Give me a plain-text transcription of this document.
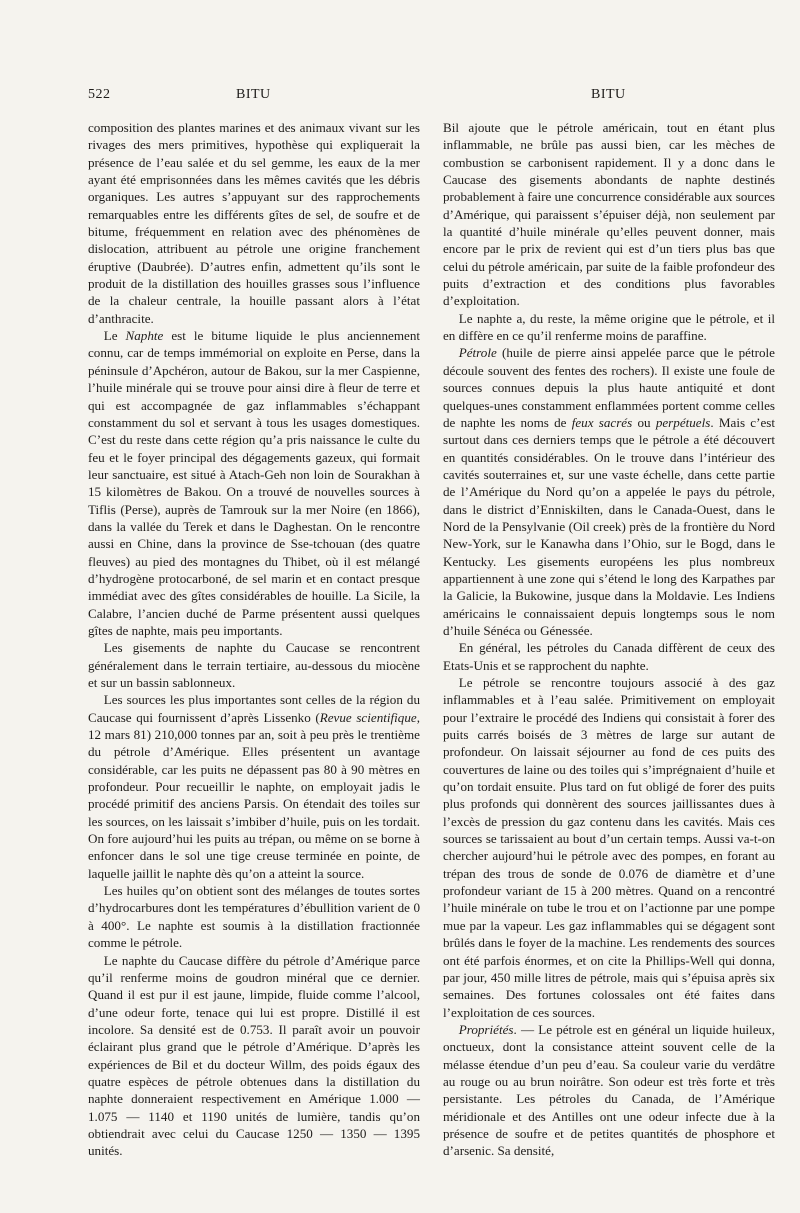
522	BITU	BITU

composition des plantes marines et des animaux vivant sur les rivages des mers primitives, hypothèse qui expliquerait la présence de l’eau salée et du sel gemme, les eaux de la mer ayant été emprisonnées dans les mêmes cavités que les débris organiques. Les autres s’appuyant sur des rapprochements remarquables entre les différents gîtes de sel, de soufre et de bitume, fréquemment en relation avec des phénomènes de dislocation, attribuent au pétrole une origine franchement éruptive (Daubrée). D’autres enfin, admettent qu’ils sont le produit de la distillation des houilles grasses sous l’influence de la chaleur centrale, la houille passant alors à l’état d’anthracite.

Le Naphte est le bitume liquide le plus anciennement connu, car de temps immémorial on exploite en Perse, dans la péninsule d’Apchéron, autour de Bakou, sur la mer Caspienne, l’huile minérale qui se trouve pour ainsi dire à fleur de terre et qui est accompagnée de gaz inflammables s’échappant constamment du sol et servant à tous les usages domestiques. C’est du reste dans cette région qu’a pris naissance le culte du feu et le foyer principal des dégagements gazeux, qui formait leur sanctuaire, est situé à Atach-Geh non loin de Sourakhan à 15 kilomètres de Bakou. On a trouvé de nouvelles sources à Tiflis (Perse), auprès de Tamrouk sur la mer Noire (en 1866), dans la vallée du Terek et dans le Daghestan. On le rencontre aussi en Chine, dans la province de Sse-tchouan (des quatre fleuves) au pied des montagnes du Thibet, où il est mélangé d’hydrogène protocarboné, de sel marin et en contact presque immédiat avec des gîtes considérables de houille. La Sicile, la Calabre, l’ancien duché de Parme présentent aussi quelques gîtes de naphte, mais peu importants.

Les gisements de naphte du Caucase se rencontrent généralement dans le terrain tertiaire, au-dessous du miocène et sur un bassin sablonneux.

Les sources les plus importantes sont celles de la région du Caucase qui fournissent d’après Lissenko (Revue scientifique, 12 mars 81) 210,000 tonnes par an, soit à peu près le trentième du pétrole d’Amérique. Elles présentent un avantage considérable, car les puits ne dépassent pas 80 à 90 mètres en profondeur. Pour recueillir le naphte, on employait jadis le procédé primitif des anciens Parsis. On étendait des toiles sur les sources, on les laissait s’imbiber d’huile, puis on les tordait. On fore aujourd’hui les puits au trépan, ou même on se borne à enfoncer dans le sol une tige creuse terminée en pointe, de laquelle jaillit le naphte dès qu’on a atteint la source.

Les huiles qu’on obtient sont des mélanges de toutes sortes d’hydrocarbures dont les températures d’ébullition varient de 0 à 400°. Le naphte est soumis à la distillation fractionnée comme le pétrole.

Le naphte du Caucase diffère du pétrole d’Amérique parce qu’il renferme moins de goudron minéral que ce dernier. Quand il est pur il est jaune, limpide, fluide comme l’alcool, d’une odeur forte, tenace qui lui est propre. Distillé il est incolore. Sa densité est de 0.753. Il paraît avoir un pouvoir éclairant plus grand que le pétrole d’Amérique. D’après les expériences de Bil et du docteur Willm, des poids égaux des quatre espèces de pétrole obtenues dans la distillation du naphte donneraient respectivement en Amérique 1.000 — 1.075 — 1140 et 1190 unités de lumière, tandis qu’on obtiendrait avec celui du Caucase 1250 — 1350 — 1395 unités.

Bil ajoute que le pétrole américain, tout en étant plus inflammable, ne brûle pas aussi bien, car les mèches de combustion se carbonisent rapidement. Il y a donc dans le Caucase des gisements abondants de naphte destinés probablement à faire une concurrence considérable aux sources d’Amérique, qui paraissent s’épuiser déjà, non seulement par la quantité d’huile minérale qu’elles peuvent donner, mais encore par le prix de revient qui est d’un tiers plus bas que celui du pétrole américain, par suite de la faible profondeur des puits d’extraction et des conditions plus favorables d’exploitation.

Le naphte a, du reste, la même origine que le pétrole, et il en diffère en ce qu’il renferme moins de paraffine.

Pétrole (huile de pierre ainsi appelée parce que le pétrole découle souvent des fentes des rochers). Il existe une foule de sources connues depuis la plus haute antiquité et dont quelques-unes constamment enflammées portent comme celles de naphte les noms de feux sacrés ou perpétuels. Mais c’est surtout dans ces derniers temps que le pétrole a été découvert en quantités considérables. On le trouve dans l’intérieur des cavités souterraines et, sur une vaste échelle, dans cette partie de l’Amérique du Nord qu’on a appelée le pays du pétrole, dans le district d’Enniskilten, dans le Canada-Ouest, dans le Nord de la Pensylvanie (Oil creek) près de la frontière du Nord New-York, sur le Kanawha dans l’Ohio, sur le Bogd, dans le Kentucky. Les gisements européens les plus nombreux appartiennent à une zone qui s’étend le long des Karpathes par la Galicie, la Bukowine, jusque dans la Moldavie. Les Indiens américains le connaissaient depuis longtemps sous le nom d’huile Sénéca ou Génessée.

En général, les pétroles du Canada diffèrent de ceux des Etats-Unis et se rapprochent du naphte.

Le pétrole se rencontre toujours associé à des gaz inflammables et à l’eau salée. Primitivement on employait pour l’extraire le procédé des Indiens qui consistait à forer des puits carrés boisés de 3 mètres de large sur autant de profondeur. On laissait séjourner au fond de ces puits des couvertures de laine ou des toiles qui s’imprégnaient d’huile et qu’on tordait ensuite. Plus tard on fut obligé de forer des puits plus profonds qui donnèrent des sources jaillissantes dues à l’excès de pression du gaz contenu dans les cavités. Mais ces sources se tarissaient au bout d’un certain temps. Aussi va-t-on chercher aujourd’hui le pétrole avec des pompes, en forant au trépan des trous de sonde de 0.076 de diamètre et d’une profondeur variant de 15 à 200 mètres. Quand on a rencontré l’huile minérale on tube le trou et on l’actionne par une pompe mue par la vapeur. Les gaz inflammables qui se dégagent sont brûlés dans le foyer de la machine. Les rendements des sources ont été parfois énormes, et on cite la Phillips-Well qui donna, par jour, 450 mille litres de pétrole, mais qui s’épuisa après six semaines. Des fortunes colossales ont été faites dans l’exploitation de ces sources.

Propriétés. — Le pétrole est en général un liquide huileux, onctueux, dont la consistance atteint souvent celle de la mélasse étendue d’un peu d’eau. Sa couleur varie du verdâtre au rouge ou au brun noirâtre. Son odeur est très forte et très persistante. Les pétroles du Canada, de l’Amérique méridionale et des Antilles ont une odeur infecte due à la présence de soufre et de petites quantités de phosphore et d’arsenic. Sa densité,
